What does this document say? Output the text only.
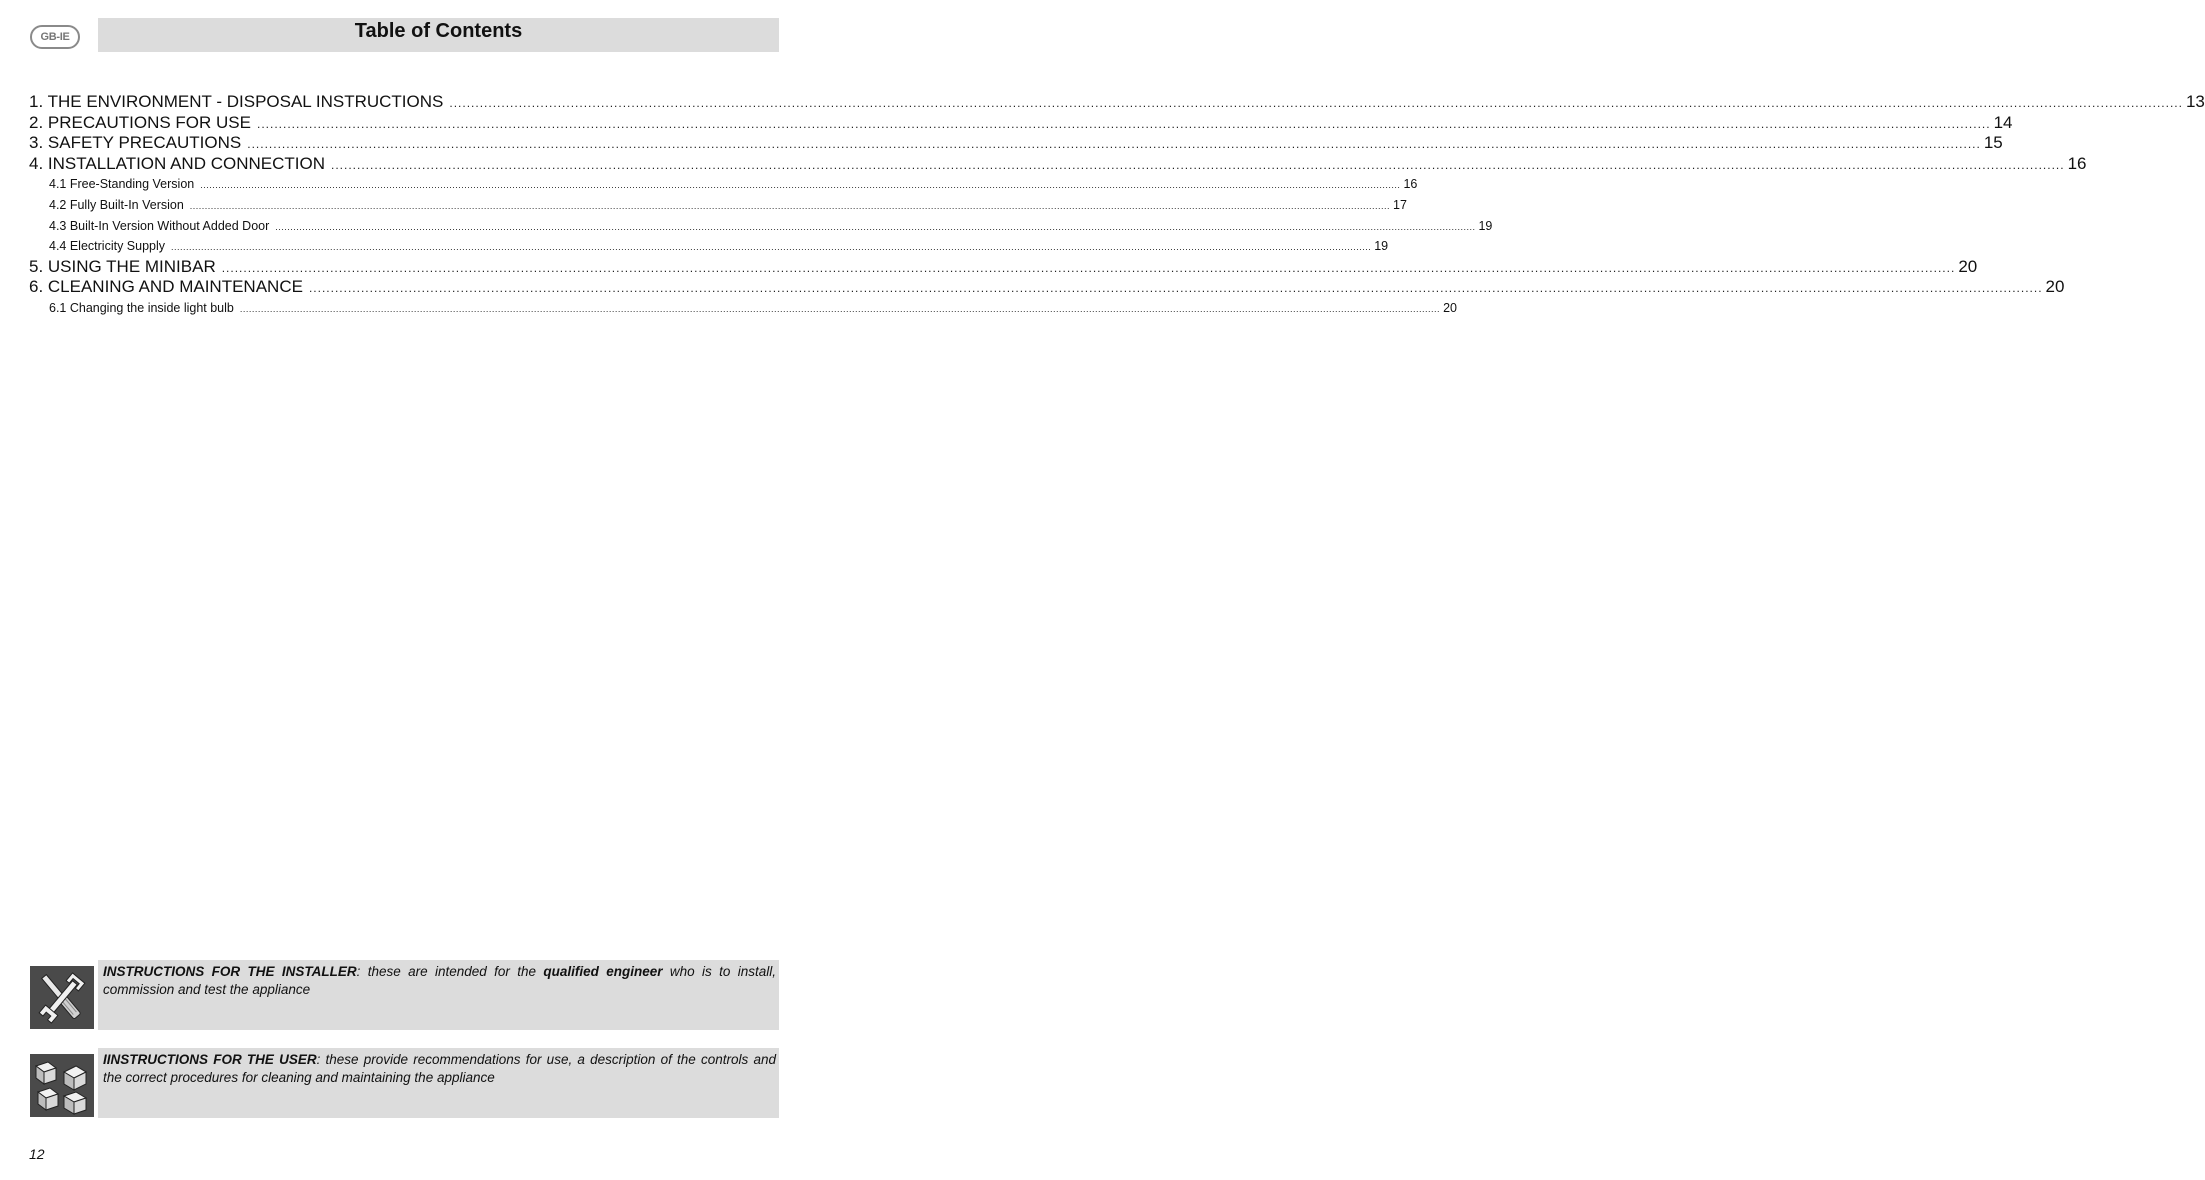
GB-IE	Table of Contents
1. THE ENVIRONMENT - DISPOSAL INSTRUCTIONS ................................................................................................................................................................................................................................................................................................................................................................................................................ 13
2. PRECAUTIONS FOR USE ................................................................................................................................................................................................................................................................................................................................................................................................................ 14
3. SAFETY PRECAUTIONS ................................................................................................................................................................................................................................................................................................................................................................................................................ 15
4. INSTALLATION AND CONNECTION ................................................................................................................................................................................................................................................................................................................................................................................................................ 16
4.1 Free-Standing Version ................................................................................................................................................................................................................................................................................................................................................................................................................ 16
4.2 Fully Built-In Version ................................................................................................................................................................................................................................................................................................................................................................................................................ 17
4.3 Built-In Version Without Added Door ................................................................................................................................................................................................................................................................................................................................................................................................................ 19
4.4 Electricity Supply ................................................................................................................................................................................................................................................................................................................................................................................................................ 19
5. USING THE MINIBAR ................................................................................................................................................................................................................................................................................................................................................................................................................ 20
6. CLEANING AND MAINTENANCE ................................................................................................................................................................................................................................................................................................................................................................................................................ 20
6.1 Changing the inside light bulb ................................................................................................................................................................................................................................................................................................................................................................................................................ 20

INSTRUCTIONS FOR THE INSTALLER: these are intended for the qualified engineer who is to install, commission and test the appliance

IINSTRUCTIONS FOR THE USER: these provide recommendations for use, a description of the controls and the correct procedures for cleaning and maintaining the appliance

12
